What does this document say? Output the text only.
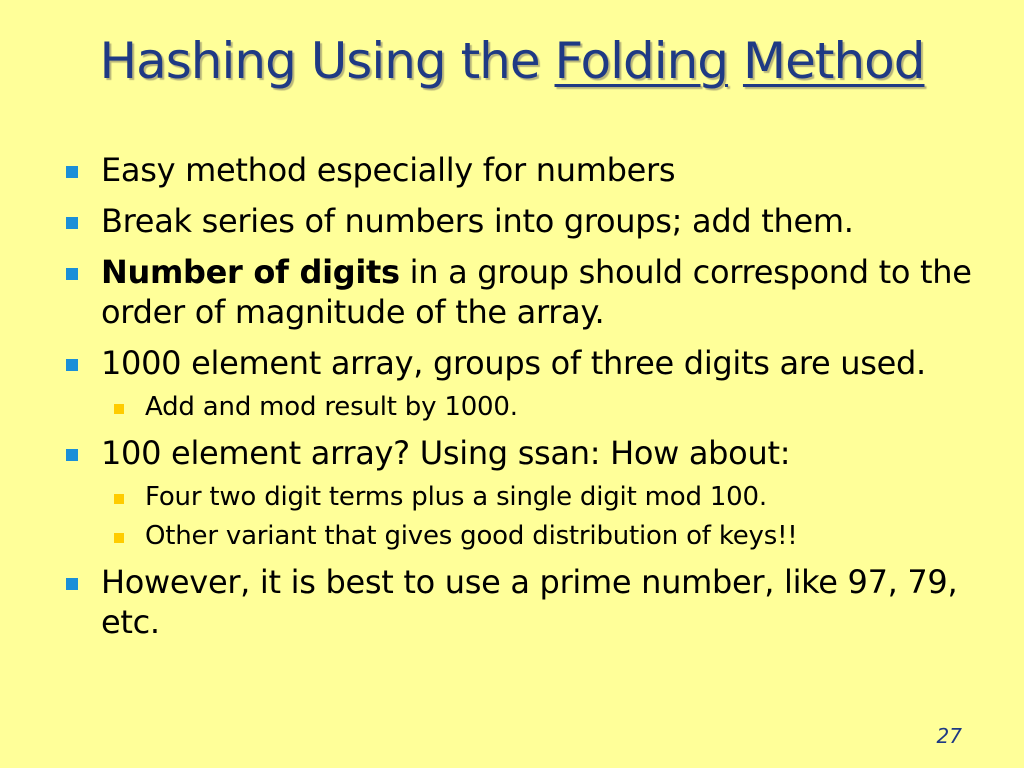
Hashing Using the Folding Method
Easy method especially for numbers
Break series of numbers into groups; add them.
Number of digits in a group should correspond to the order of magnitude of the array.
1000 element array, groups of three digits are used.
Add and mod result by 1000.
100 element array? Using ssan: How about:
Four two digit terms plus a single digit mod 100.
Other variant that gives good distribution of keys!!
However, it is best to use a prime number, like 97, 79, etc.
27
